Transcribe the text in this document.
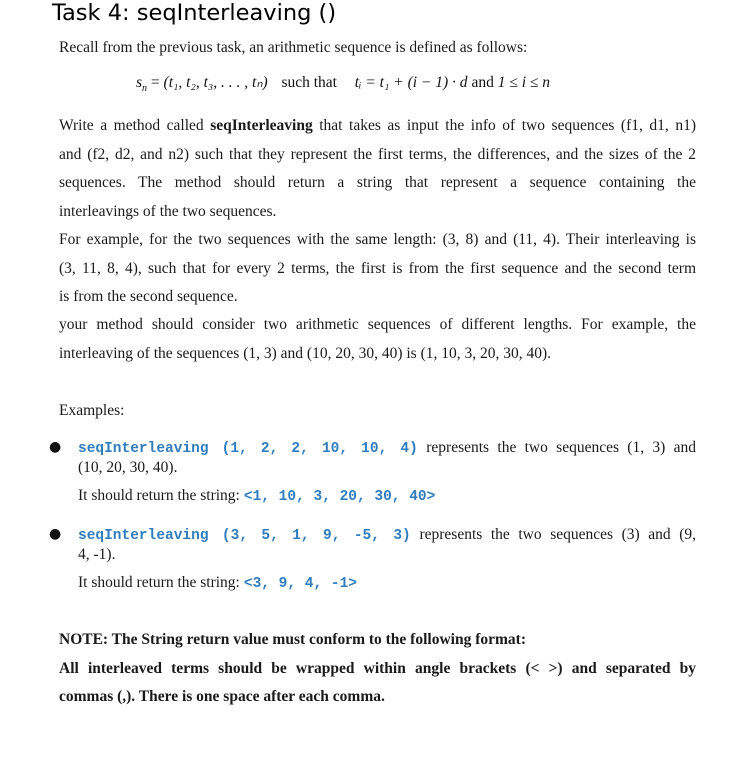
Task 4: seqInterleaving ()
Recall from the previous task, an arithmetic sequence is defined as follows:
$s_n = (t_1$, t₂, t₃, . . . , tₙ) such that tᵢ = t₁ + (i − 1) · d and 1 ≤ i ≤ n
Write a method called seqInterleaving that takes as input the info of two sequences (f1, d1, n1)
and (f2, d2, and n2) such that they represent the first terms, the differences, and the sizes of the 2
sequences. The method should return a string that represent a sequence containing the
interleavings of the two sequences.
For example, for the two sequences with the same length: (3, 8) and (11, 4). Their interleaving is
(3, 11, 8, 4), such that for every 2 terms, the first is from the first sequence and the second term
is from the second sequence.
your method should consider two arithmetic sequences of different lengths. For example, the
interleaving of the sequences (1, 3) and (10, 20, 30, 40) is (1, 10, 3, 20, 30, 40).
Examples:
● seqInterleaving (1, 2, 2, 10, 10, 4) represents the two sequences (1, 3) and
(10, 20, 30, 40).
It should return the string: <1, 10, 3, 20, 30, 40>
● seqInterleaving (3, 5, 1, 9, -5, 3) represents the two sequences (3) and (9,
4, -1).
It should return the string: <3, 9, 4, -1>
NOTE: The String return value must conform to the following format:
All interleaved terms should be wrapped within angle brackets (< >) and separated by
commas (,). There is one space after each comma.
